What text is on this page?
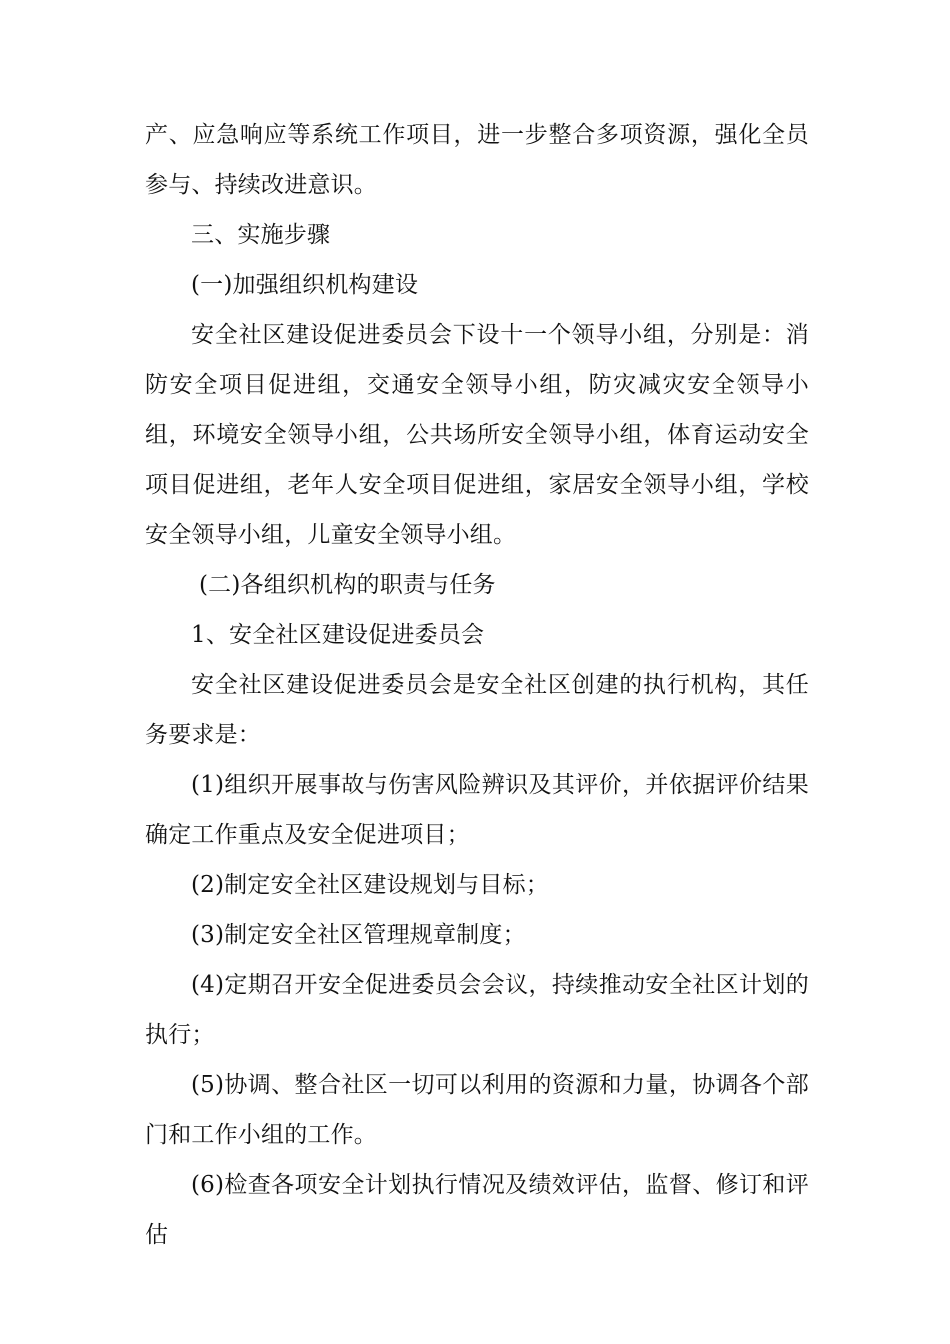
产、应急响应等系统工作项目，进一步整合多项资源，强化全员参与、持续改进意识。

三、实施步骤

(一)加强组织机构建设

安全社区建设促进委员会下设十一个领导小组，分别是：消防安全项目促进组，交通安全领导小组，防灾减灾安全领导小组，环境安全领导小组，公共场所安全领导小组，体育运动安全项目促进组，老年人安全项目促进组，家居安全领导小组，学校安全领导小组，儿童安全领导小组。

(二)各组织机构的职责与任务

1、安全社区建设促进委员会

安全社区建设促进委员会是安全社区创建的执行机构，其任务要求是：

(1)组织开展事故与伤害风险辨识及其评价，并依据评价结果确定工作重点及安全促进项目；

(2)制定安全社区建设规划与目标；

(3)制定安全社区管理规章制度；

(4)定期召开安全促进委员会会议，持续推动安全社区计划的执行；

(5)协调、整合社区一切可以利用的资源和力量，协调各个部门和工作小组的工作。

(6)检查各项安全计划执行情况及绩效评估，监督、修订和评估
